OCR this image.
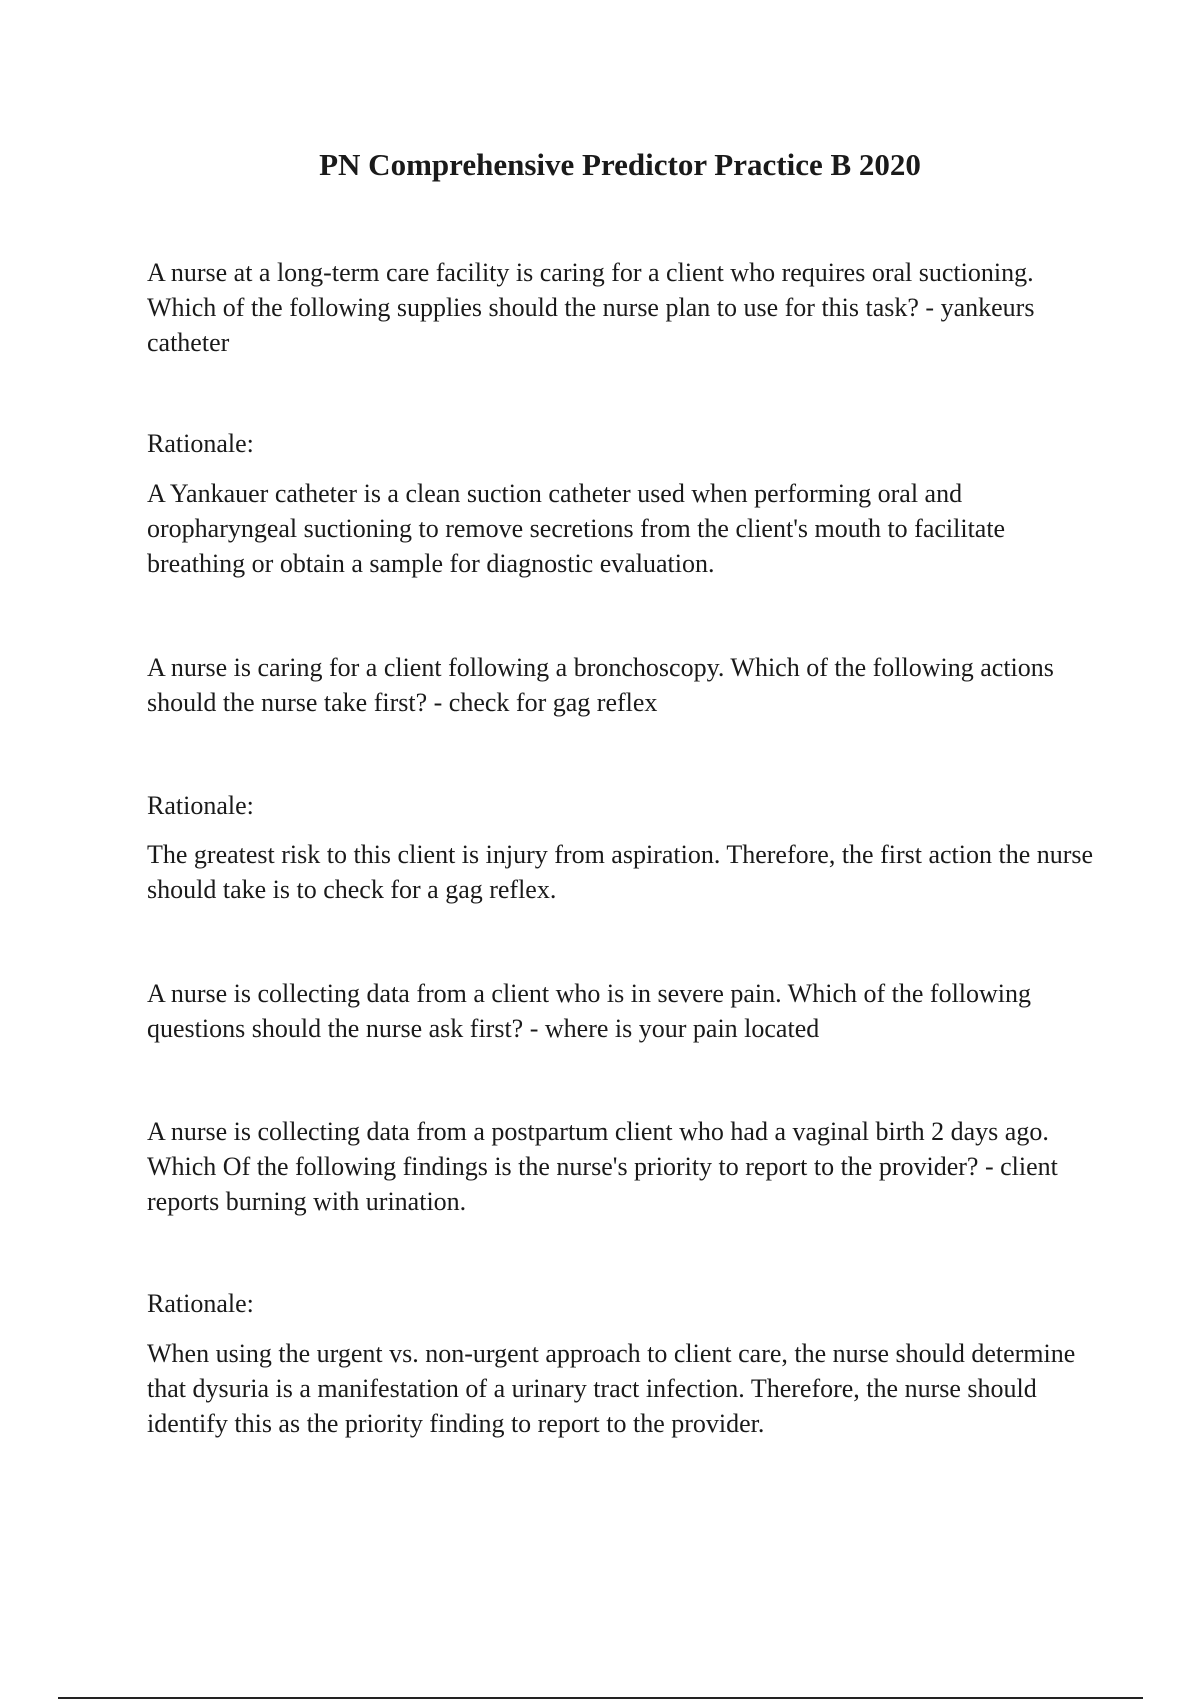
PN Comprehensive Predictor Practice B 2020

A nurse at a long-term care facility is caring for a client who requires oral suctioning. Which of the following supplies should the nurse plan to use for this task? - yankeurs catheter

Rationale:

A Yankauer catheter is a clean suction catheter used when performing oral and oropharyngeal suctioning to remove secretions from the client's mouth to facilitate breathing or obtain a sample for diagnostic evaluation.

A nurse is caring for a client following a bronchoscopy. Which of the following actions should the nurse take first? - check for gag reflex

Rationale:

The greatest risk to this client is injury from aspiration. Therefore, the first action the nurse should take is to check for a gag reflex.

A nurse is collecting data from a client who is in severe pain. Which of the following questions should the nurse ask first? - where is your pain located

A nurse is collecting data from a postpartum client who had a vaginal birth 2 days ago. Which Of the following findings is the nurse's priority to report to the provider? - client reports burning with urination.

Rationale:

When using the urgent vs. non-urgent approach to client care, the nurse should determine that dysuria is a manifestation of a urinary tract infection. Therefore, the nurse should identify this as the priority finding to report to the provider.
